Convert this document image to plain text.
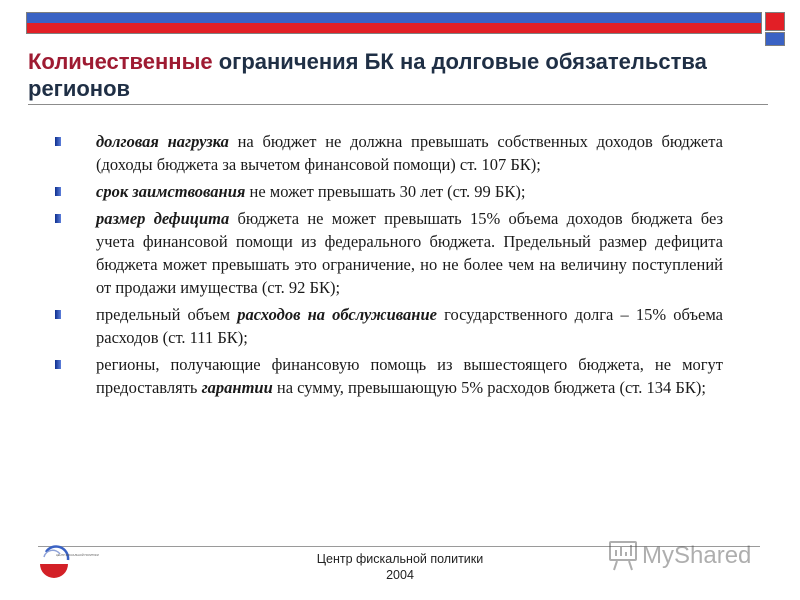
Количественные ограничения БК на долговые обязательства регионов

долговая нагрузка на бюджет не должна превышать собственных доходов бюджета (доходы бюджета за вычетом финансовой помощи) ст. 107 БК);

срок заимствования не может превышать 30 лет (ст. 99 БК);

размер дефицита бюджета не может превышать 15% объема доходов бюджета без учета финансовой помощи из федерального бюджета. Предельный размер дефицита бюджета может превышать это ограничение, но не более чем на величину поступлений от продажи имущества (ст. 92 БК);

предельный объем расходов на обслуживание государственного долга – 15% объема расходов (ст. 111 БК);

регионы, получающие финансовую помощь из вышестоящего бюджета, не могут предоставлять гарантии на сумму, превышающую 5% расходов бюджета (ст. 134 БК);

ЦЕНТР ФИСКАЛЬНОЙ ПОЛИТИКИ	Центр фискальной политики
2004
MyShared
